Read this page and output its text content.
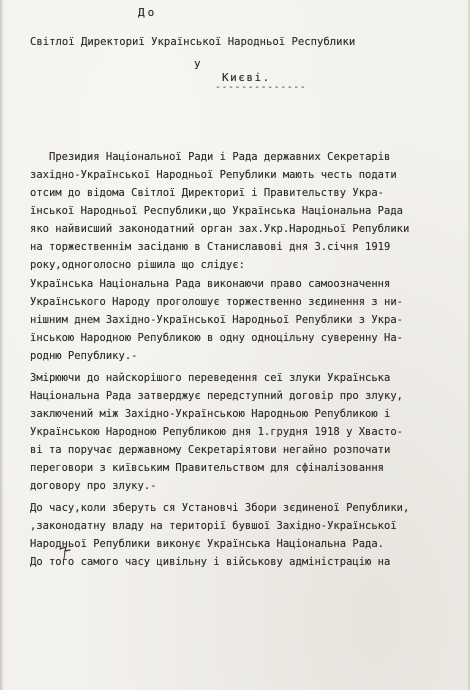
До
Світлої Директориї Української Народньої Республики
у
Києві.
--------------
Президия Національної Ради і Рада державних Секретарів
західно-Української Народньої Републики мають честь подати
отсим до відома Світлої Директориї і Правительству Укра-
їнської Народньої Республики,що Українська Національна Рада
яко найвисший законодатний орган зах.Укр.Народньої Републики
на торжественнім засіданю в Станиславові дня 3.січня 1919
року,одноголосно рішила що слідує:
Українська Національна Рада виконаючи право самоозначення
Українського Народу проголошує торжественно зєдинення з ни-
нішним днем Західно-Української Народньої Републики з Укра-
їнською Народною Републикою в одну одноцільну суверенну На-
родню Републику.-
Змірюючи до найскорішого переведення сеї злуки Українська
Національна Рада затверджує передступний договір про злуку,
заключений між Західно-Українською Народньою Републикою і
Українською Народною Републикою дня 1.грудня 1918 у Хвасто-
ві та поручає державному Секретаріятови негайно розпочати
переговори з київським Правительством для сфіналізовання
договору про злуку.-
До часу,коли зберуть ся Установчі Збори зєдиненої Републики,
,законодатну владу на території бувшої Західно-Української
Народньої Републики виконує Українська Національна Рада.
До того самого часу цивільну і військову адміністрацію на
